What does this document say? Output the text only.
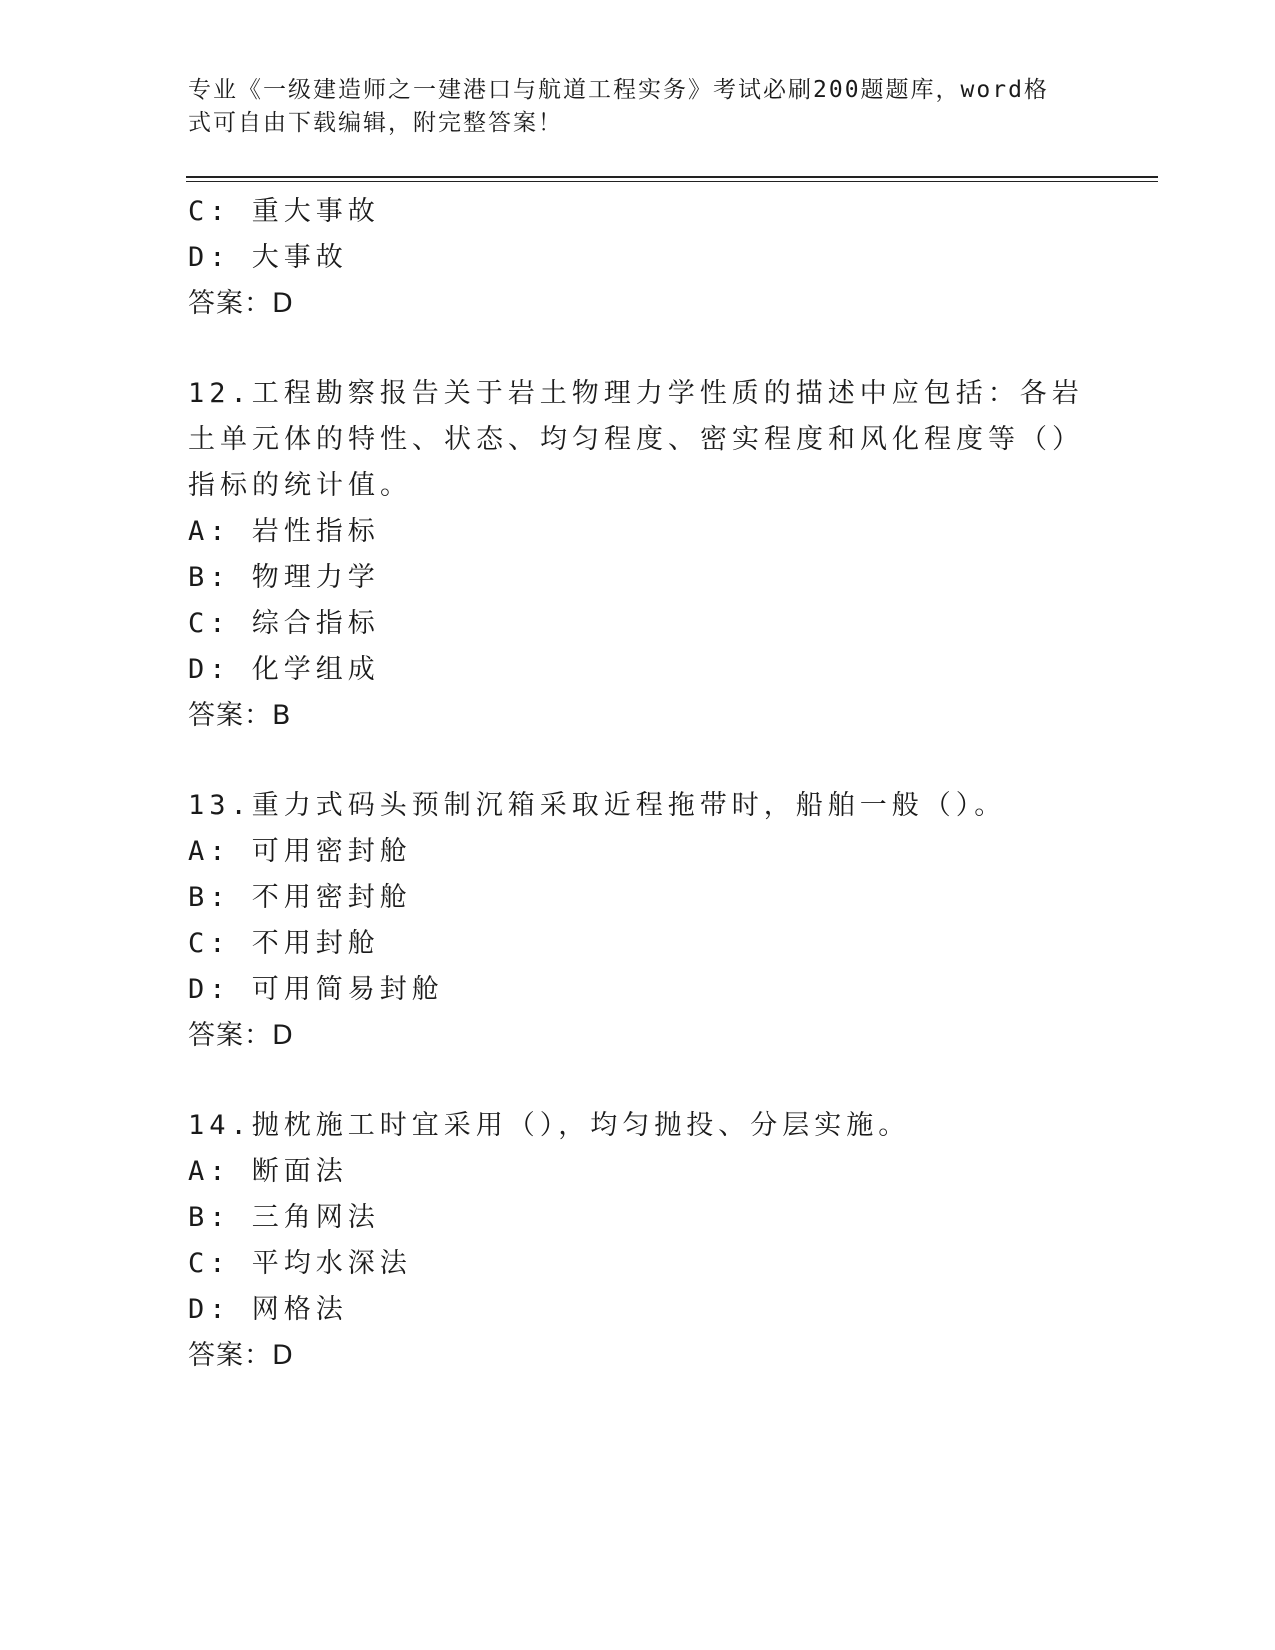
专业《一级建造师之一建港口与航道工程实务》考试必刷200题题库，word格式可自由下载编辑，附完整答案！
C: 重大事故
D: 大事故
答案：D
12.工程勘察报告关于岩土物理力学性质的描述中应包括：各岩土单元体的特性、状态、均匀程度、密实程度和风化程度等（）指标的统计值。
A: 岩性指标
B: 物理力学
C: 综合指标
D: 化学组成
答案：B
13.重力式码头预制沉箱采取近程拖带时，船舶一般（）。
A: 可用密封舱
B: 不用密封舱
C: 不用封舱
D: 可用简易封舱
答案：D
14.抛枕施工时宜采用（），均匀抛投、分层实施。
A: 断面法
B: 三角网法
C: 平均水深法
D: 网格法
答案：D
